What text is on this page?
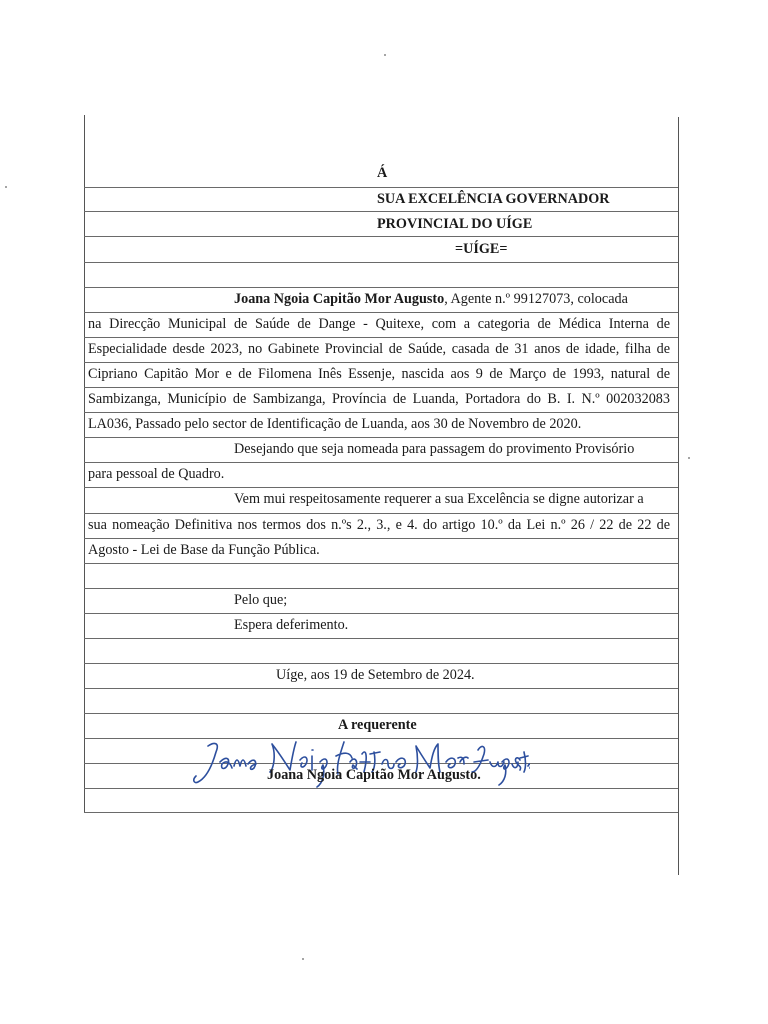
Á
SUA EXCELÊNCIA GOVERNADOR
PROVINCIAL DO UÍGE
=UÍGE=
Joana Ngoia Capitão Mor Augusto, Agente n.º 99127073, colocada
na Direcção Municipal de Saúde de Dange - Quitexe, com a categoria de Médica Interna de
Especialidade desde 2023, no Gabinete Provincial de Saúde, casada de 31 anos de idade, filha de
Cipriano Capitão Mor e de Filomena Inês Essenje, nascida aos 9 de Março de 1993, natural de
Sambizanga, Município de Sambizanga, Província de Luanda, Portadora do B. I. N.º 002032083
LA036, Passado pelo sector de Identificação de Luanda, aos 30 de Novembro de 2020.
Desejando que seja nomeada para passagem do provimento Provisório
para pessoal de Quadro.
Vem mui respeitosamente requerer a sua Excelência se digne autorizar a
sua nomeação Definitiva nos termos dos n.ºs 2., 3., e 4. do artigo 10.º da Lei n.º 26 / 22 de 22 de
Agosto - Lei de Base da Função Pública.
Pelo que;
Espera deferimento.
Uíge, aos 19 de Setembro de 2024.
A requerente
Joana Ngoia Capitão Mor Augusto.
